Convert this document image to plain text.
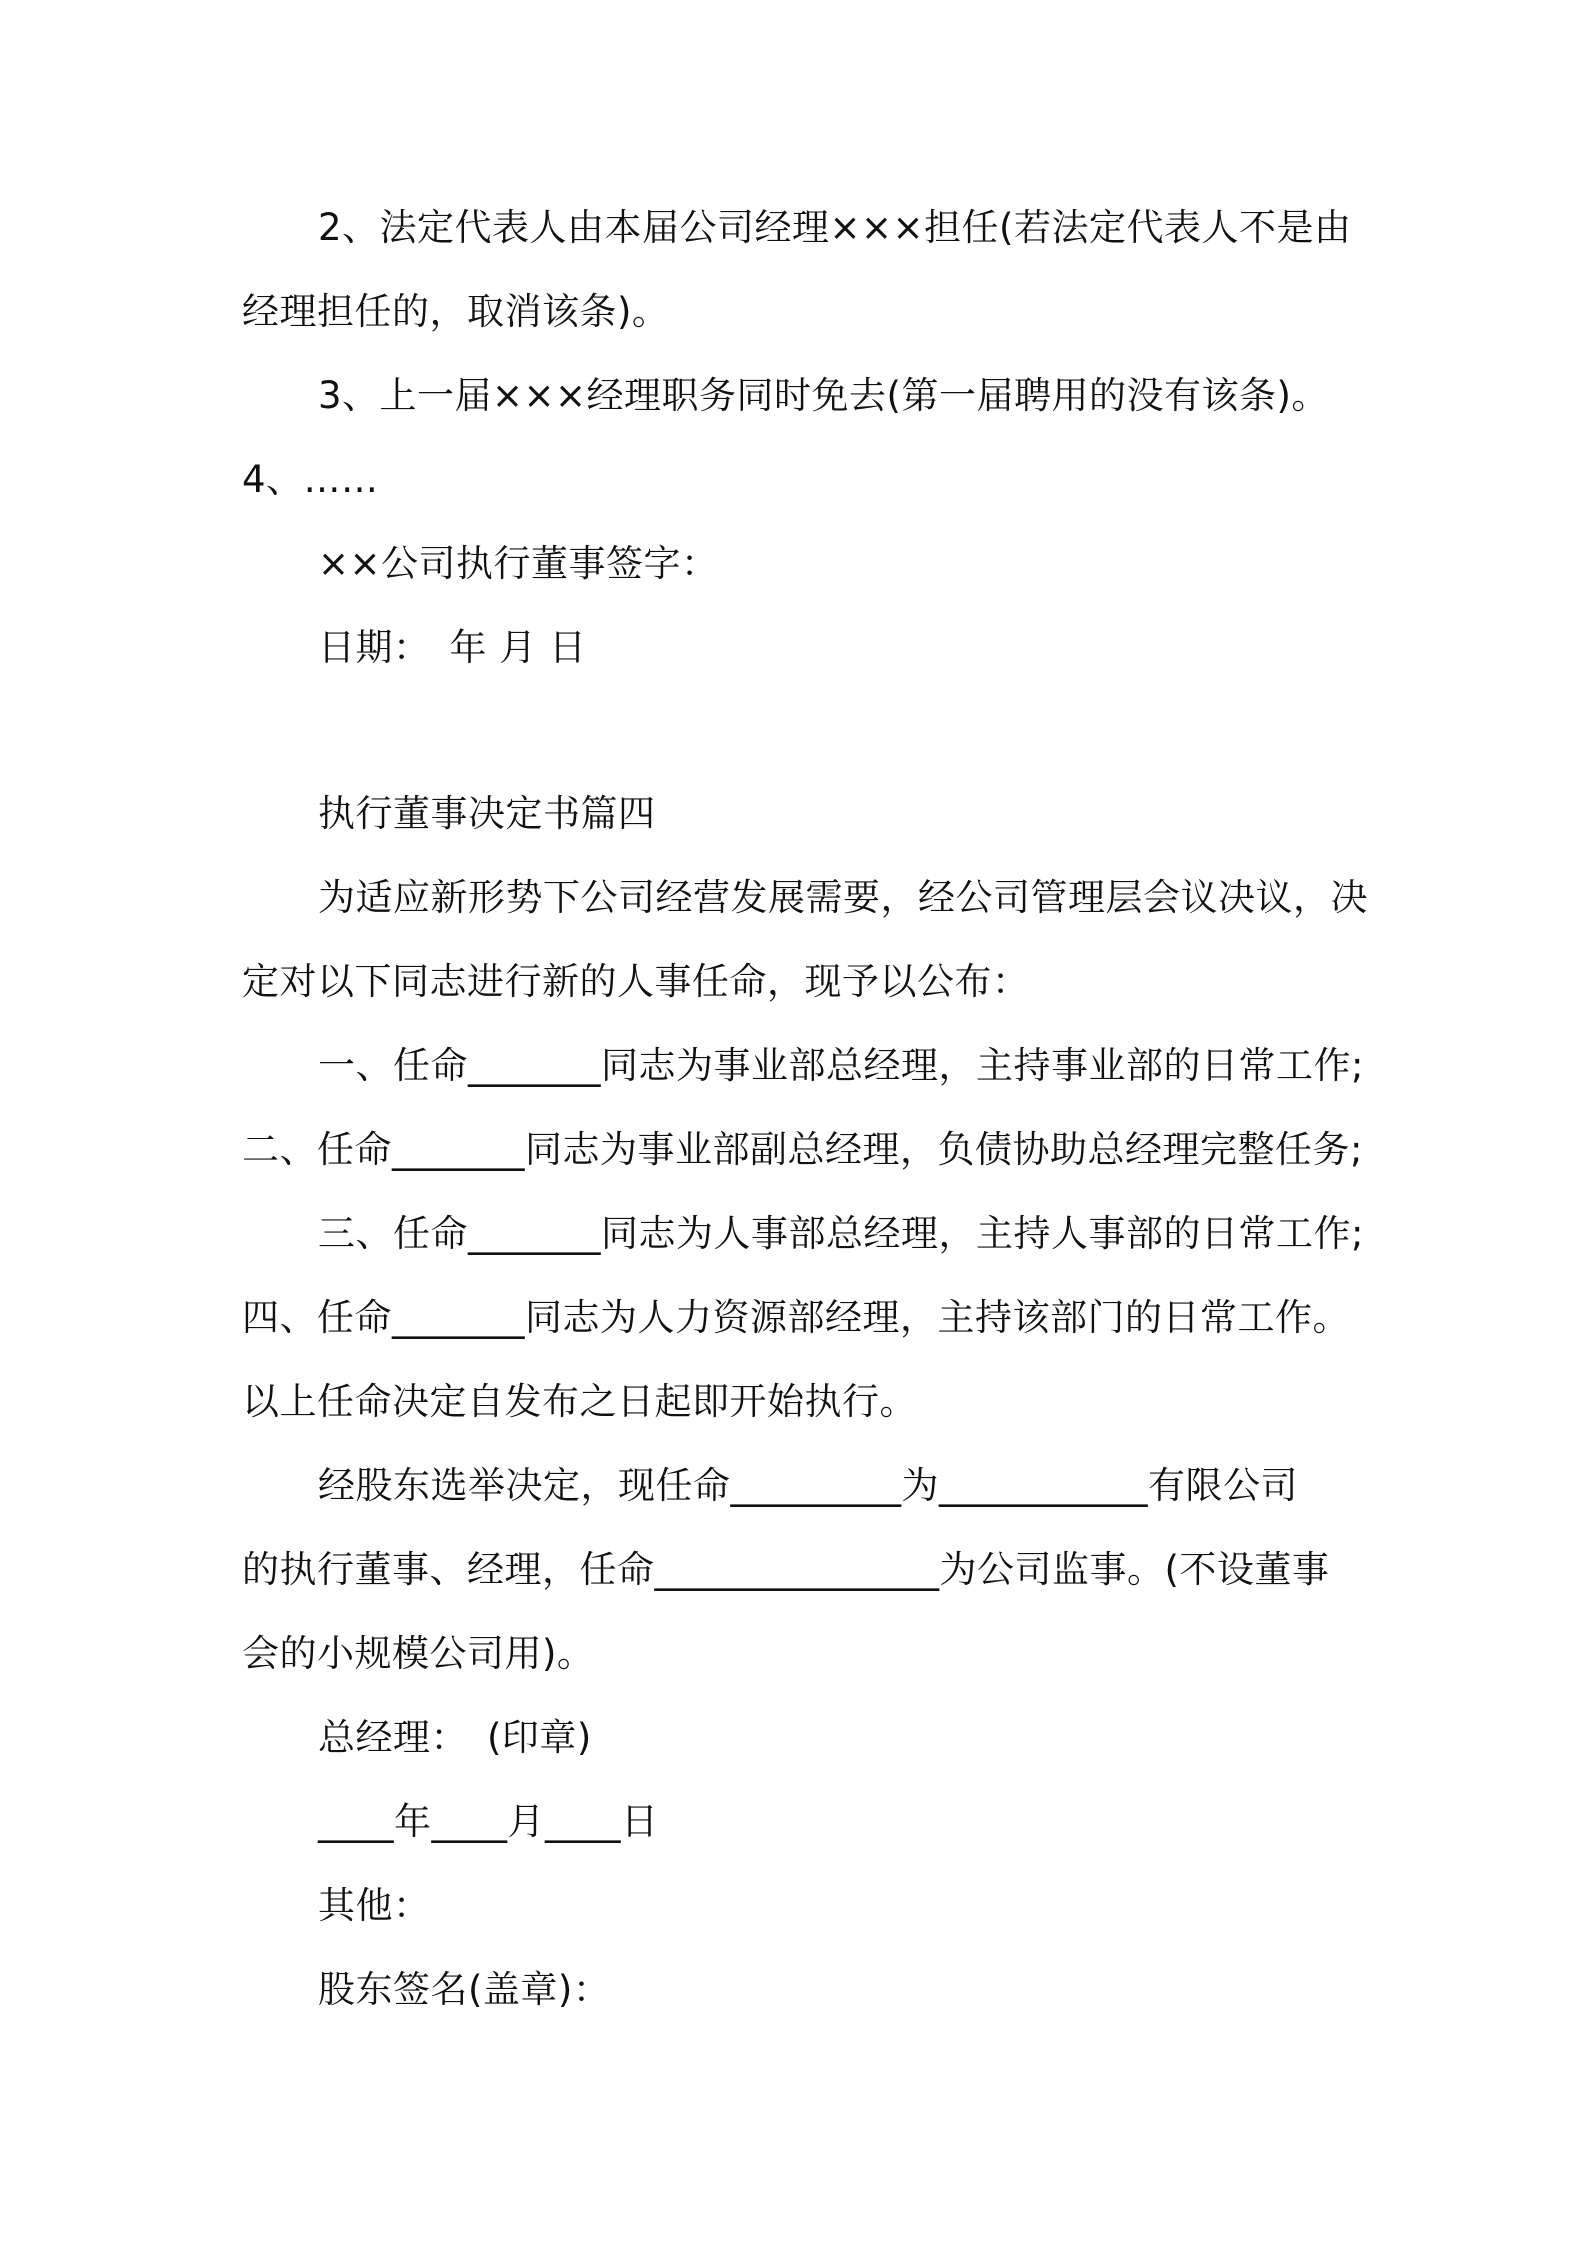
2、法定代表人由本届公司经理×××担任(若法定代表人不是由
经理担任的，取消该条)。
3、上一届×××经理职务同时免去(第一届聘用的没有该条)。
4、……
××公司执行董事签字：
日期：　年 月 日
执行董事决定书篇四
为适应新形势下公司经营发展需要，经公司管理层会议决议，决
定对以下同志进行新的人事任命，现予以公布：
一、任命_______同志为事业部总经理，主持事业部的日常工作;
二、任命_______同志为事业部副总经理，负债协助总经理完整任务;
三、任命_______同志为人事部总经理，主持人事部的日常工作;
四、任命_______同志为人力资源部经理，主持该部门的日常工作。
以上任命决定自发布之日起即开始执行。
经股东选举决定，现任命_________为___________有限公司
的执行董事、经理，任命_______________为公司监事。(不设董事
会的小规模公司用)。
总经理：　(印章)
____年____月____日
其他：
股东签名(盖章)：
